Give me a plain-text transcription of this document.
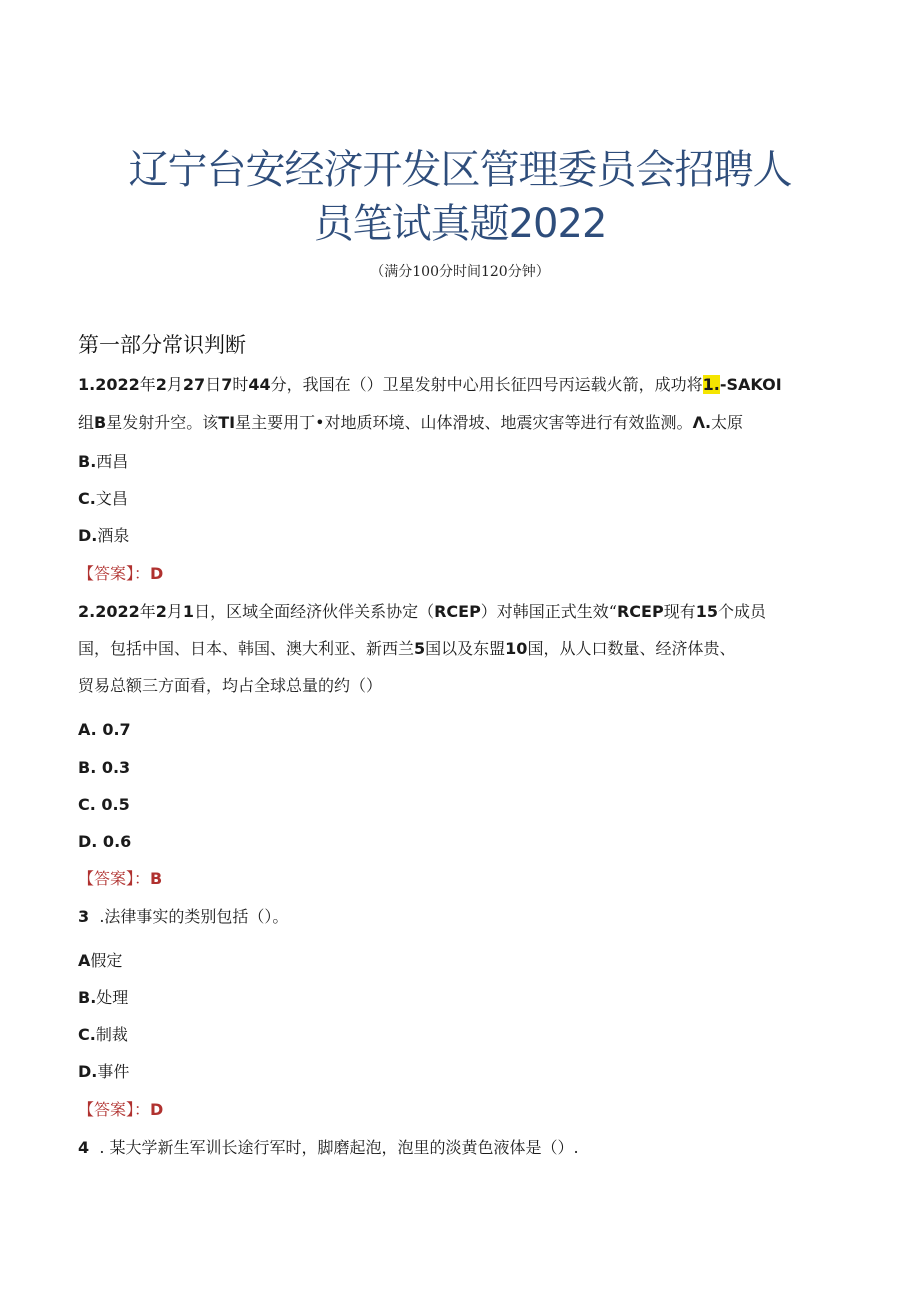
辽宁台安经济开发区管理委员会招聘人
员笔试真题2022
（满分100分时间120分钟）
第一部分常识判断
1.2022年2月27日7时44分，我国在（）卫星发射中心用长征四号丙运载火箭，成功将1.-SAKOI
组B星发射升空。该TI星主要用丁•对地质环境、山体滑坡、地震灾害等进行有效监测。Λ.太原
B.西昌
C.文昌
D.酒泉
【答案】：D
2.2022年2月1日，区域全面经济伙伴关系协定（RCEP）对韩国正式生效“RCEP现有15个成员
国，包括中国、日本、韩国、澳大利亚、新西兰5国以及东盟10国，从人口数量、经济体贵、
贸易总额三方面看，均占全球总量的约（）
A. 0.7
B. 0.3
C. 0.5
D. 0.6
【答案】：B
3 .法律事实的类别包括（）。
A假定
B.处理
C.制裁
D.事件
【答案】：D
4 . 某大学新生军训长途行军时，脚磨起泡，泡里的淡黄色液体是（）.
